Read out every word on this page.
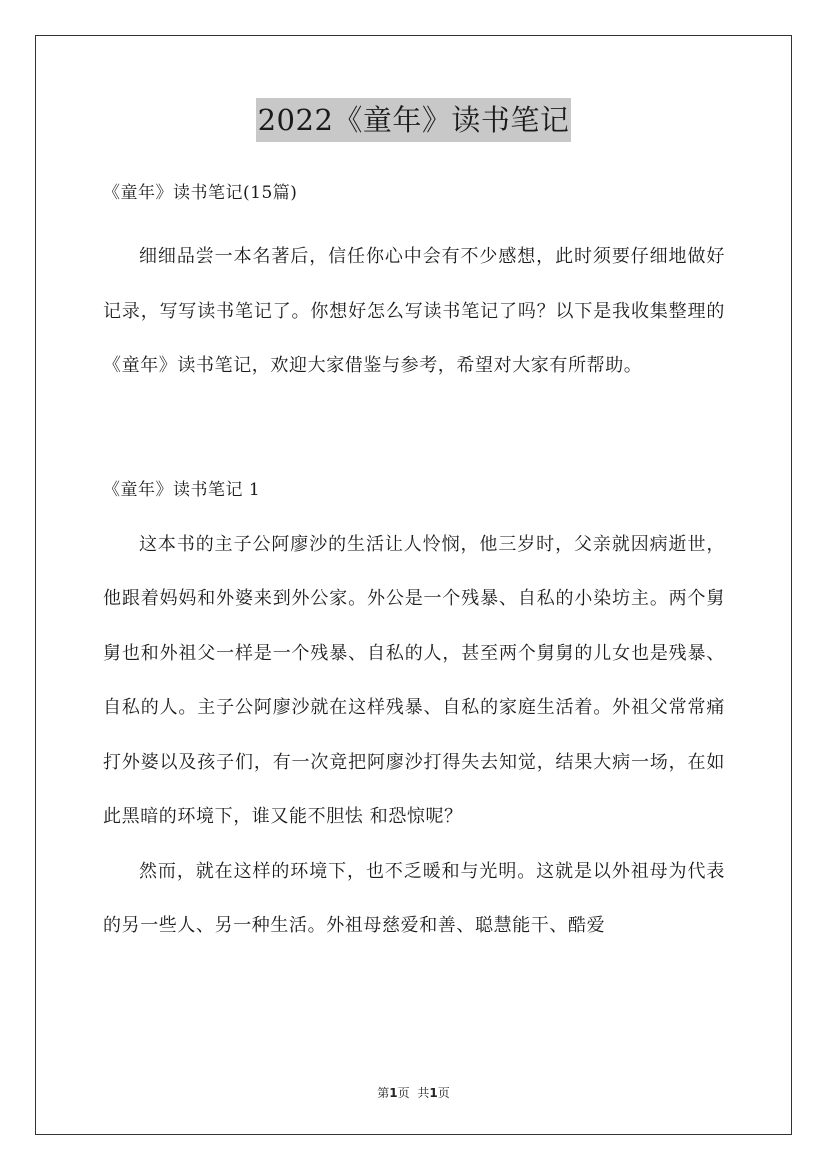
2022《童年》读书笔记
《童年》读书笔记(15篇)

细细品尝一本名著后，信任你心中会有不少感想，此时须要仔细地做好记录，写写读书笔记了。你想好怎么写读书笔记了吗？以下是我收集整理的《童年》读书笔记，欢迎大家借鉴与参考，希望对大家有所帮助。

《童年》读书笔记 1

这本书的主子公阿廖沙的生活让人怜悯，他三岁时，父亲就因病逝世，他跟着妈妈和外婆来到外公家。外公是一个残暴、自私的小染坊主。两个舅舅也和外祖父一样是一个残暴、自私的人，甚至两个舅舅的儿女也是残暴、自私的人。主子公阿廖沙就在这样残暴、自私的家庭生活着。外祖父常常痛打外婆以及孩子们，有一次竟把阿廖沙打得失去知觉，结果大病一场，在如此黑暗的环境下，谁又能不胆怯 和恐惊呢？

然而，就在这样的环境下，也不乏暖和与光明。这就是以外祖母为代表的另一些人、另一种生活。外祖母慈爱和善、聪慧能干、酷爱

第1页 共1页
